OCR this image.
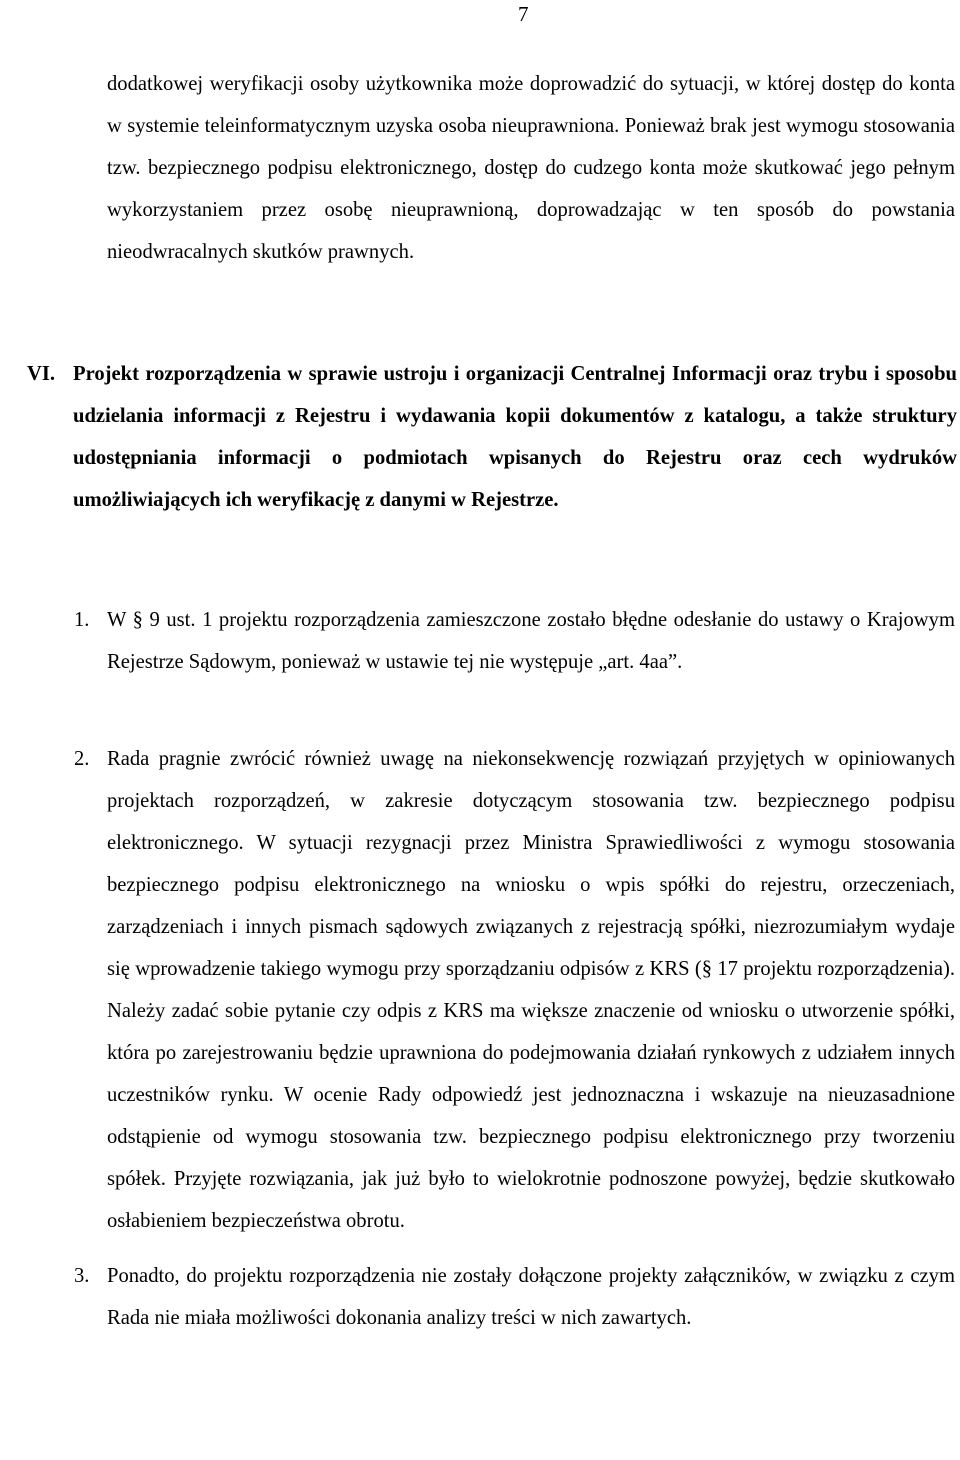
7

dodatkowej weryfikacji osoby użytkownika może doprowadzić do sytuacji, w której dostęp do konta w systemie teleinformatycznym uzyska osoba nieuprawniona. Ponieważ brak jest wymogu stosowania tzw. bezpiecznego podpisu elektronicznego, dostęp do cudzego konta może skutkować jego pełnym wykorzystaniem przez osobę nieuprawnioną, doprowadzając w ten sposób do powstania nieodwracalnych skutków prawnych.

VI. Projekt rozporządzenia w sprawie ustroju i organizacji Centralnej Informacji oraz trybu i sposobu udzielania informacji z Rejestru i wydawania kopii dokumentów z katalogu, a także struktury udostępniania informacji o podmiotach wpisanych do Rejestru oraz cech wydruków umożliwiających ich weryfikację z danymi w Rejestrze.

1. W § 9 ust. 1 projektu rozporządzenia zamieszczone zostało błędne odesłanie do ustawy o Krajowym Rejestrze Sądowym, ponieważ w ustawie tej nie występuje „art. 4aa”.

2. Rada pragnie zwrócić również uwagę na niekonsekwencję rozwiązań przyjętych w opiniowanych projektach rozporządzeń, w zakresie dotyczącym stosowania tzw. bezpiecznego podpisu elektronicznego. W sytuacji rezygnacji przez Ministra Sprawiedliwości z wymogu stosowania bezpiecznego podpisu elektronicznego na wniosku o wpis spółki do rejestru, orzeczeniach, zarządzeniach i innych pismach sądowych związanych z rejestracją spółki, niezrozumiałym wydaje się wprowadzenie takiego wymogu przy sporządzaniu odpisów z KRS (§ 17 projektu rozporządzenia). Należy zadać sobie pytanie czy odpis z KRS ma większe znaczenie od wniosku o utworzenie spółki, która po zarejestrowaniu będzie uprawniona do podejmowania działań rynkowych z udziałem innych uczestników rynku. W ocenie Rady odpowiedź jest jednoznaczna i wskazuje na nieuzasadnione odstąpienie od wymogu stosowania tzw. bezpiecznego podpisu elektronicznego przy tworzeniu spółek. Przyjęte rozwiązania, jak już było to wielokrotnie podnoszone powyżej, będzie skutkowało osłabieniem bezpieczeństwa obrotu.

3. Ponadto, do projektu rozporządzenia nie zostały dołączone projekty załączników, w związku z czym Rada nie miała możliwości dokonania analizy treści w nich zawartych.
